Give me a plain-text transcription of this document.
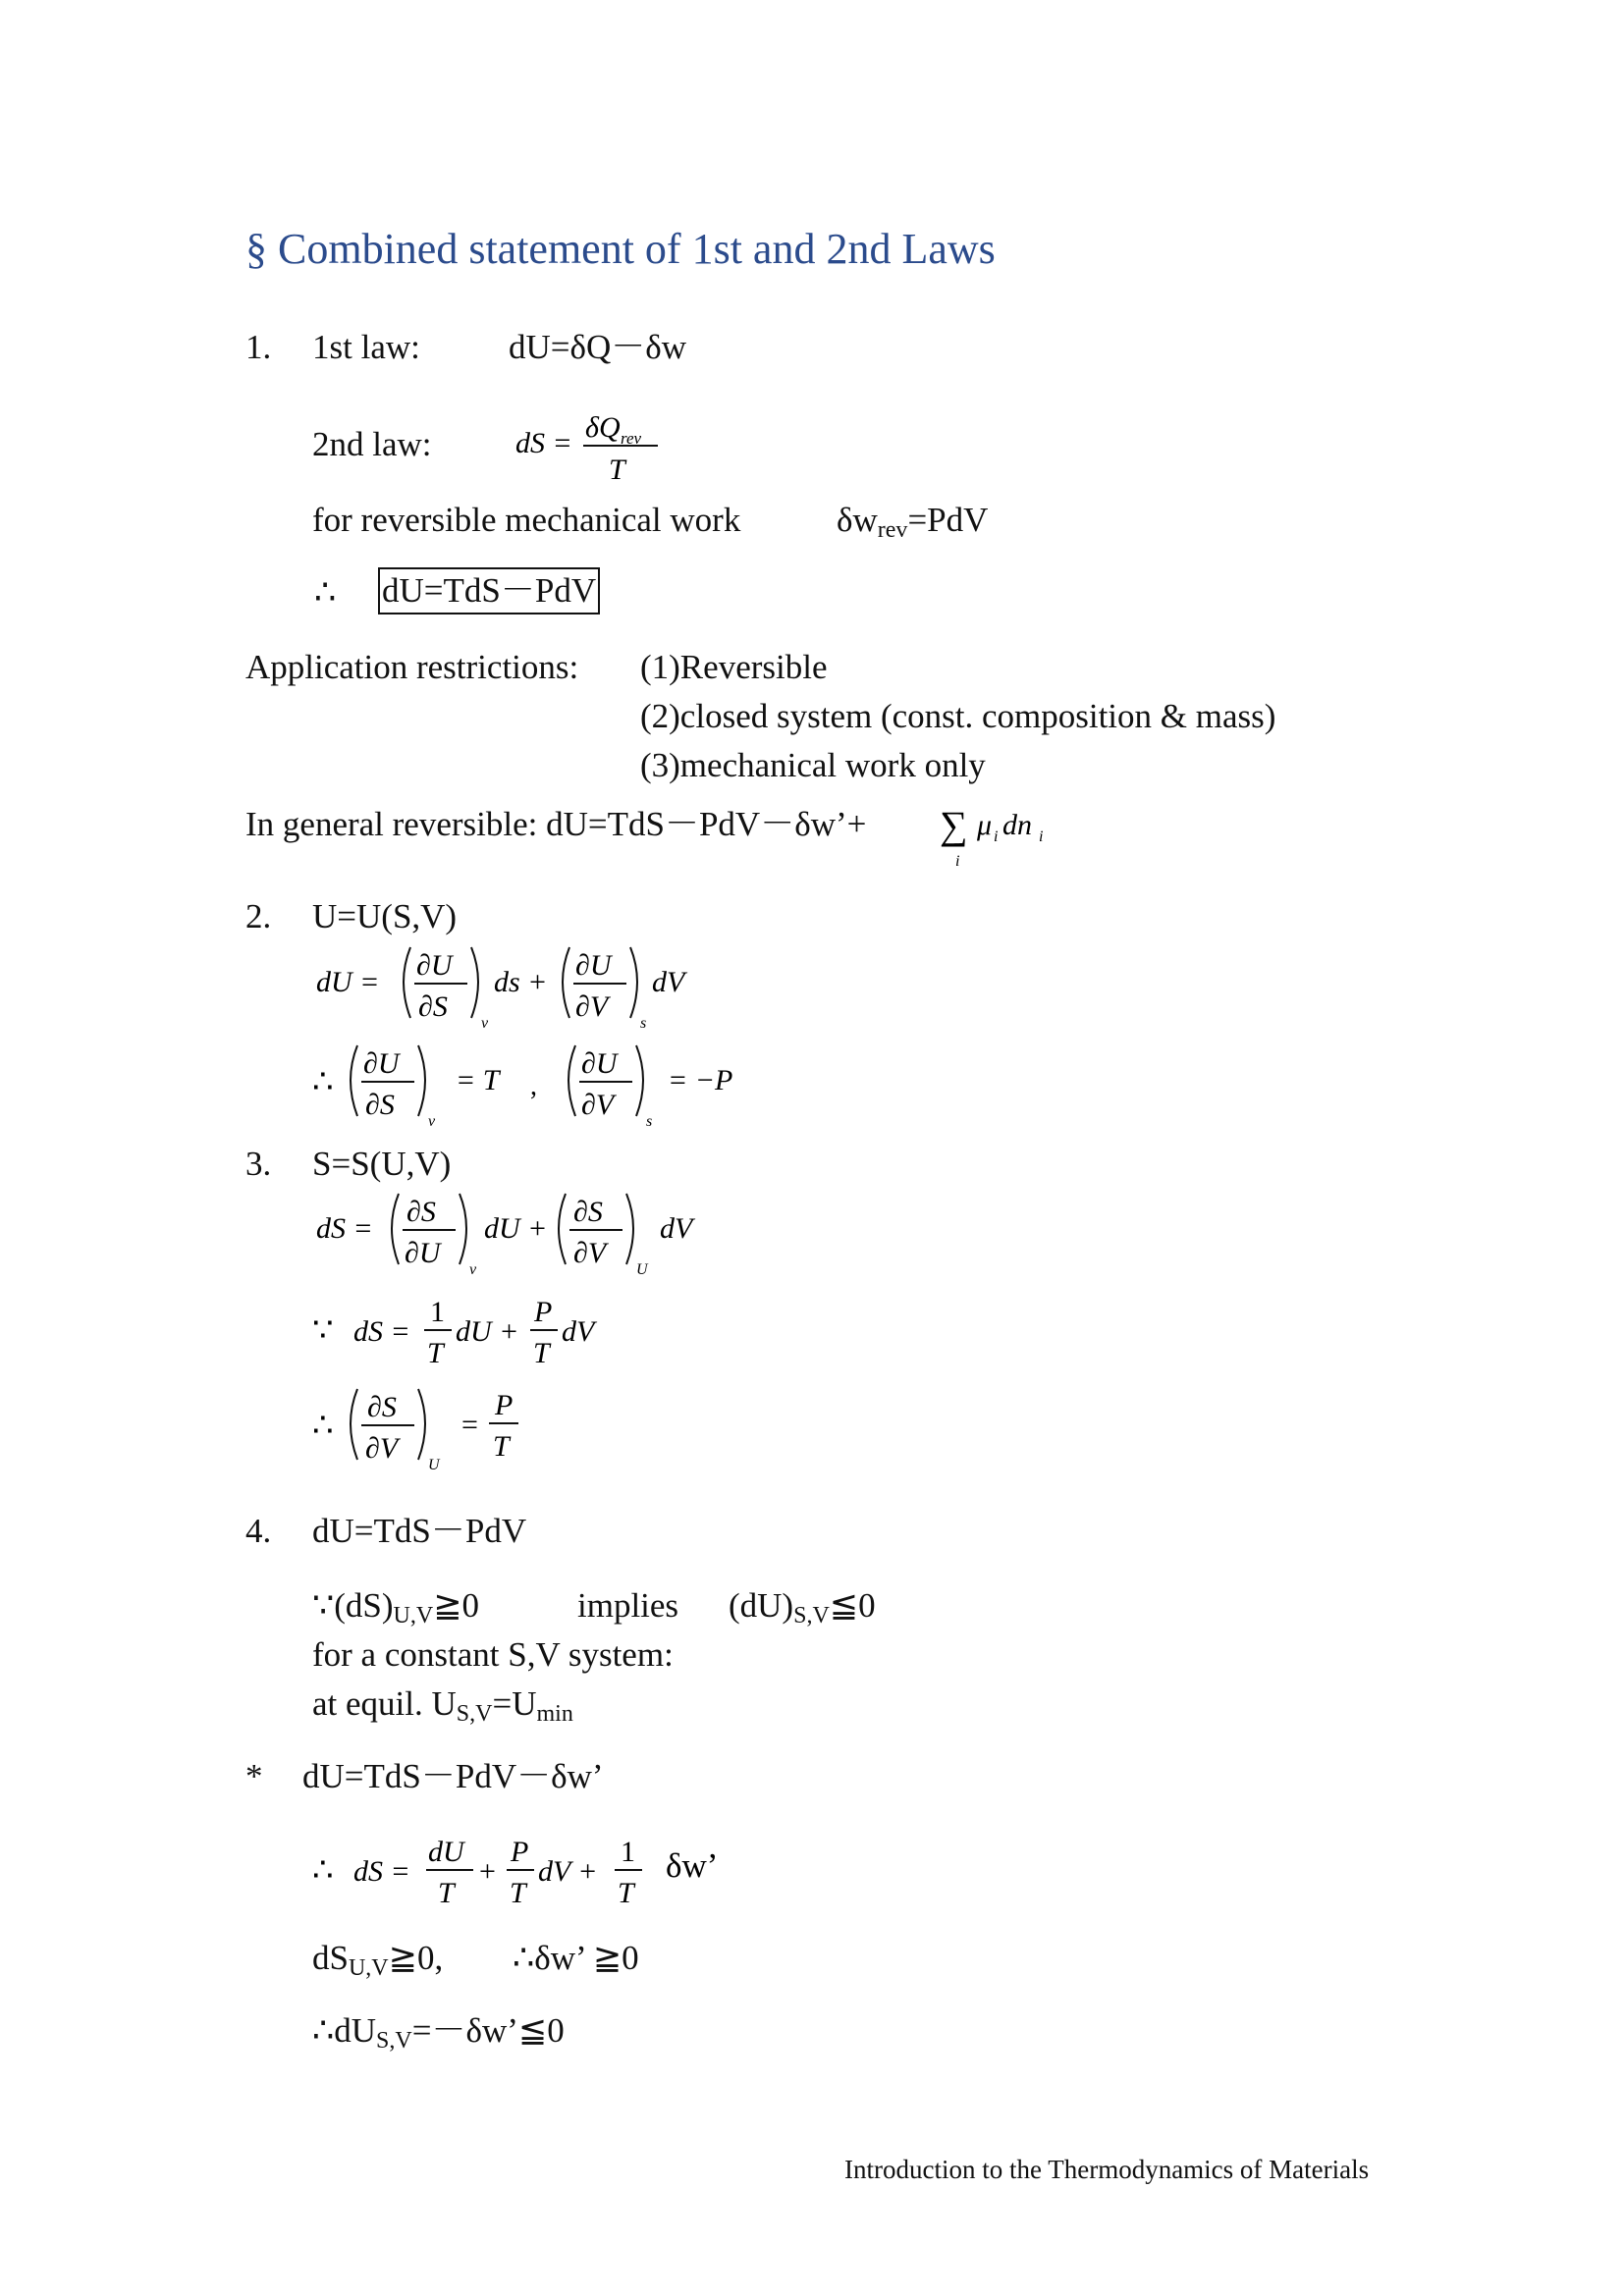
§ Combined statement of 1st and 2nd Laws
1. 1st law:	dU=δQ－δw
2nd law:	dS = δQ rev
T
for reversible mechanical work	$\delta w_{rev}=PdV$
∴ dU=TdS－PdV
Application restrictions: (1)Reversible
(2)closed system (const. composition & mass)
(3)mechanical work only
In general reversible: dU=TdS－PdV－δw’+ ∑
i
μ i dn i
2. U=U(S,V)
dU =
∂U
∂S
v
ds +
∂U
∂V
s
dV
∴
∂U
∂S
v
= T ,
∂U
∂V
s
= −P
3. S=S(U,V)
dS =
∂S
∂U
v
dU +
∂S
∂V
U
dV
∵ dS =
1
T
dU +
P
T
dV
∴
∂S
∂V
U
=
P
T
4. dU=TdS－PdV
$\because(dS)_{U,V}≧0$	implies $(dU)_{S,V}≦0$
for a constant S,V system:
at equil. $U_{S,V}=U_{min}$
* dU=TdS－PdV－δw’
∴ dS =
dU
T
+
P
T
dV +
1
T
δw’
$dS_{U,V}≧0$, ∴δw’ ≧0
$\therefore dU_{S,V}=-\delta w’≦0$
Introduction to the Thermodynamics of Materials
